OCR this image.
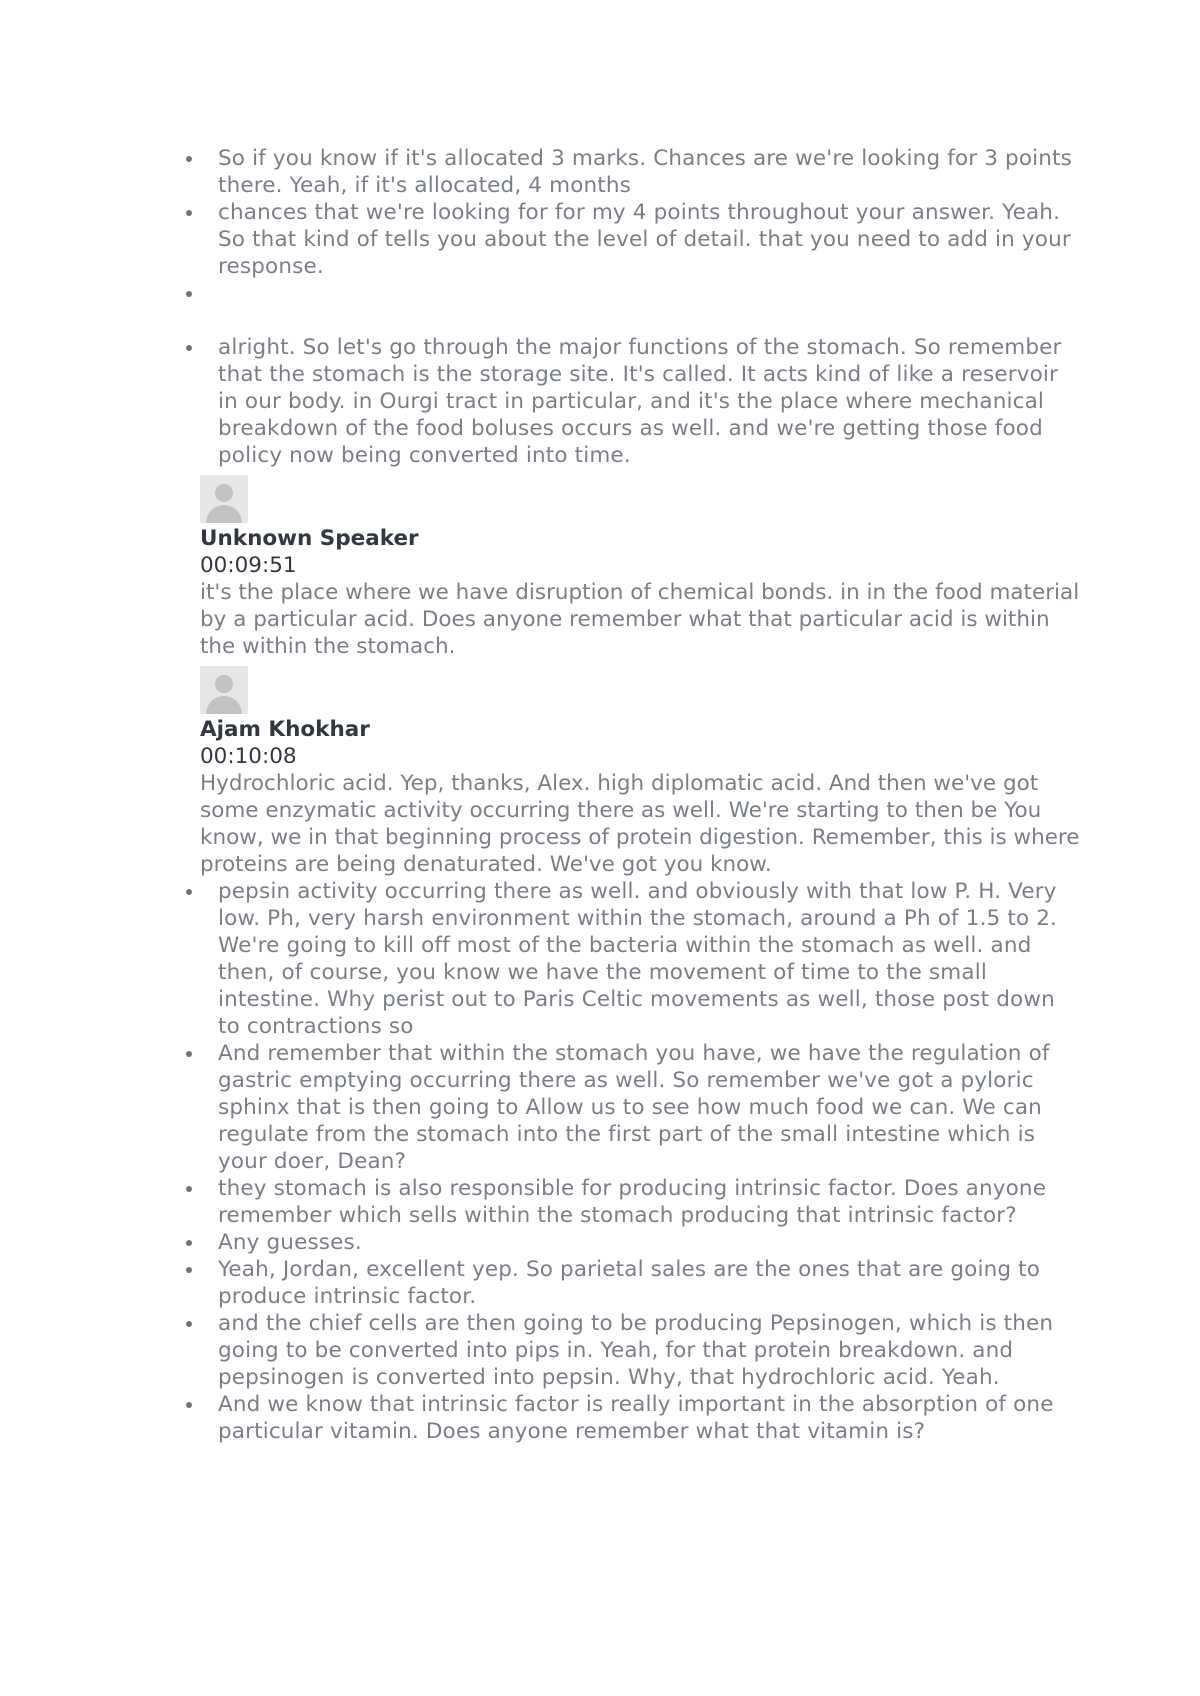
So if you know if it's allocated 3 marks. Chances are we're looking for 3 points there. Yeah, if it's allocated, 4 months
chances that we're looking for for my 4 points throughout your answer. Yeah. So that kind of tells you about the level of detail. that you need to add in your response.
alright. So let's go through the major functions of the stomach. So remember that the stomach is the storage site. It's called. It acts kind of like a reservoir in our body. in Ourgi tract in particular, and it's the place where mechanical breakdown of the food boluses occurs as well. and we're getting those food policy now being converted into time.
Unknown Speaker
00:09:51
it's the place where we have disruption of chemical bonds. in in the food material by a particular acid. Does anyone remember what that particular acid is within the within the stomach.
Ajam Khokhar
00:10:08
Hydrochloric acid. Yep, thanks, Alex. high diplomatic acid. And then we've got some enzymatic activity occurring there as well. We're starting to then be You know, we in that beginning process of protein digestion. Remember, this is where proteins are being denaturated. We've got you know.
pepsin activity occurring there as well. and obviously with that low P. H. Very low. Ph, very harsh environment within the stomach, around a Ph of 1.5 to 2. We're going to kill off most of the bacteria within the stomach as well. and then, of course, you know we have the movement of time to the small intestine. Why perist out to Paris Celtic movements as well, those post down to contractions so
And remember that within the stomach you have, we have the regulation of gastric emptying occurring there as well. So remember we've got a pyloric sphinx that is then going to Allow us to see how much food we can. We can regulate from the stomach into the first part of the small intestine which is your doer, Dean?
they stomach is also responsible for producing intrinsic factor. Does anyone remember which sells within the stomach producing that intrinsic factor?
Any guesses.
Yeah, Jordan, excellent yep. So parietal sales are the ones that are going to produce intrinsic factor.
and the chief cells are then going to be producing Pepsinogen, which is then going to be converted into pips in. Yeah, for that protein breakdown. and pepsinogen is converted into pepsin. Why, that hydrochloric acid. Yeah.
And we know that intrinsic factor is really important in the absorption of one particular vitamin. Does anyone remember what that vitamin is?
